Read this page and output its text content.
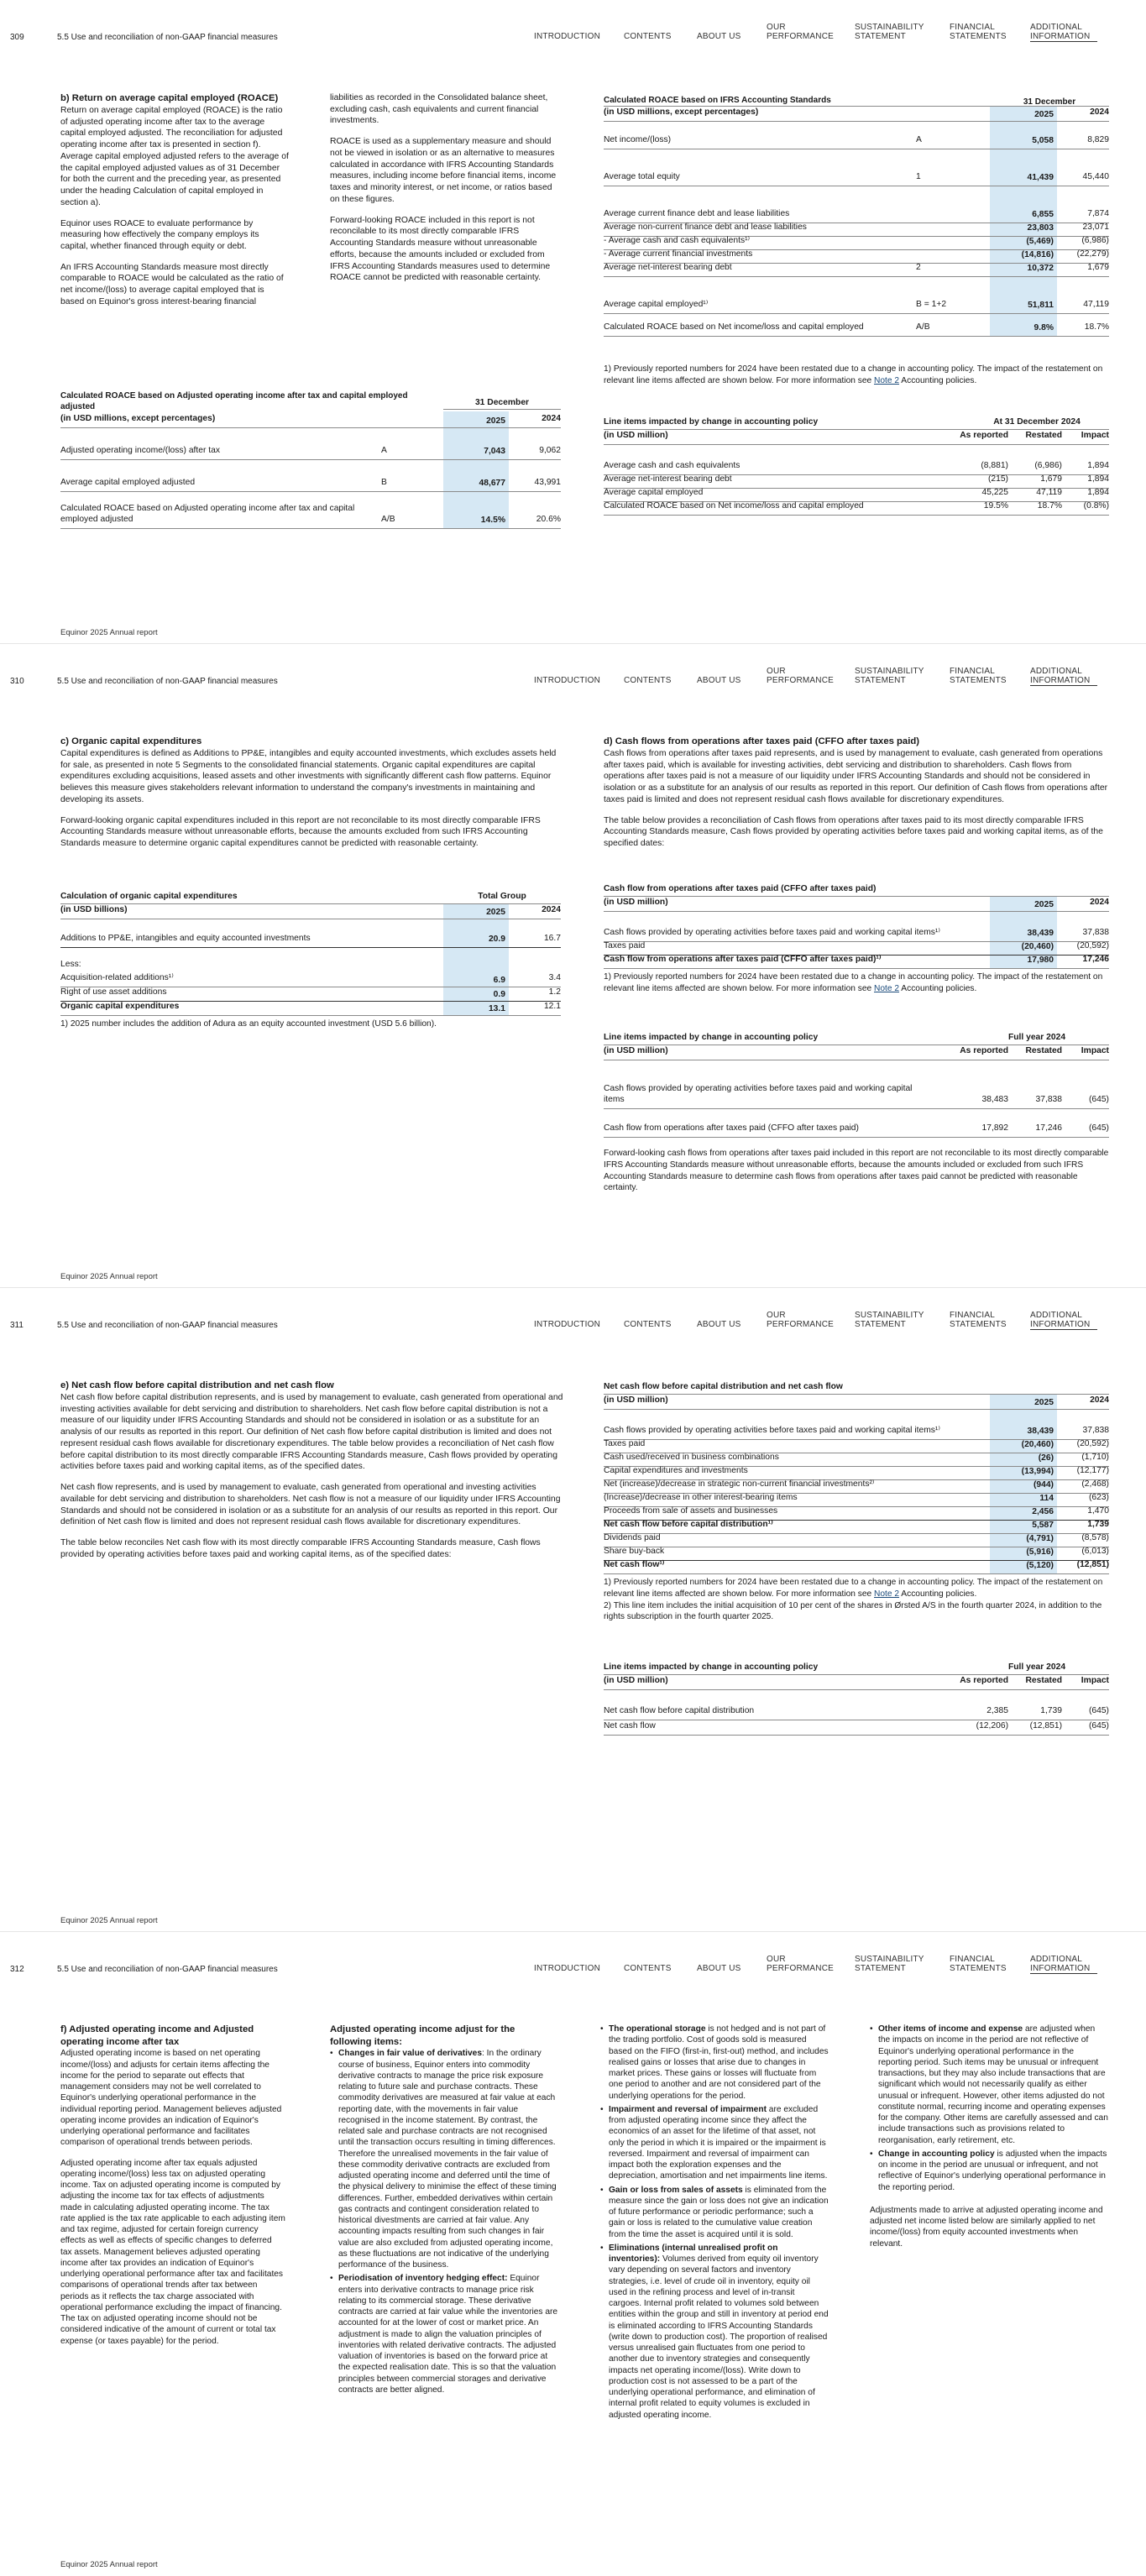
309	5.5 Use and reconciliation of non-GAAP financial measures	INTRODUCTION	CONTENTS	ABOUT US
OUR PERFORMANCE
SUSTAINABILITY STATEMENT
FINANCIAL STATEMENTS
ADDITIONAL INFORMATION
b) Return on average capital employed (ROACE)

Return on average capital employed (ROACE) is the ratio of adjusted operating income after tax to the average capital employed adjusted. The reconciliation for adjusted operating income after tax is presented in section f). Average capital employed adjusted refers to the average of the capital employed adjusted values as of 31 December for both the current and the preceding year, as presented under the heading Calculation of capital employed in section a).

Equinor uses ROACE to evaluate performance by measuring how effectively the company employs its capital, whether financed through equity or debt.

An IFRS Accounting Standards measure most directly comparable to ROACE would be calculated as the ratio of net income/(loss) to average capital employed that is based on Equinor's gross interest-bearing financial

liabilities as recorded in the Consolidated balance sheet, excluding cash, cash equivalents and current financial investments.

ROACE is used as a supplementary measure and should not be viewed in isolation or as an alternative to measures calculated in accordance with IFRS Accounting Standards measures, including income before financial items, income taxes and minority interest, or net income, or ratios based on these figures.

Forward-looking ROACE included in this report is not reconcilable to its most directly comparable IFRS Accounting Standards measure without unreasonable efforts, because the amounts included or excluded from IFRS Accounting Standards measures used to determine ROACE cannot be predicted with reasonable certainty.

Calculated ROACE based on Adjusted operating income after tax and capital employed adjusted	31 December
(in USD millions, except percentages)	2025	2024
Adjusted operating income/(loss) after tax	A	7,043	9,062
Average capital employed adjusted	B	48,677	43,991
Calculated ROACE based on Adjusted operating income after tax and capital employed adjusted	A/B	14.5%	20.6%
Calculated ROACE based on IFRS Accounting Standards	31 December
(in USD millions, except percentages)	2025	2024
Net income/(loss)	A	5,058	8,829
Average total equity	1	41,439	45,440
Average current finance debt and lease liabilities	6,855	7,874
Average non-current finance debt and lease liabilities	23,803	23,071
- Average cash and cash equivalents¹⁾	(5,469)	(6,986)
- Average current financial investments	(14,816)	(22,279)
Average net-interest bearing debt	2	10,372	1,679
Average capital employed¹⁾	B = 1+2	51,811	47,119
Calculated ROACE based on Net income/loss and capital employed	A/B	9.8%	18.7%

1) Previously reported numbers for 2024 have been restated due to a change in accounting policy. The impact of the restatement on relevant line items affected are shown below. For more information see Note 2 Accounting policies.

Line items impacted by change in accounting policy	At 31 December 2024
(in USD million)	As reported	Restated	Impact
Average cash and cash equivalents	(8,881)	(6,986)	1,894
Average net-interest bearing debt	(215)	1,679	1,894
Average capital employed	45,225	47,119	1,894
Calculated ROACE based on Net income/loss and capital employed	19.5%	18.7%	(0.8%)
Equinor 2025 Annual report
310	5.5 Use and reconciliation of non-GAAP financial measures	INTRODUCTION	CONTENTS	ABOUT US
OUR PERFORMANCE
SUSTAINABILITY STATEMENT
FINANCIAL STATEMENTS
ADDITIONAL INFORMATION
c) Organic capital expenditures

Capital expenditures is defined as Additions to PP&E, intangibles and equity accounted investments, which excludes assets held for sale, as presented in note 5 Segments to the consolidated financial statements. Organic capital expenditures are capital expenditures excluding acquisitions, leased assets and other investments with significantly different cash flow patterns. Equinor believes this measure gives stakeholders relevant information to understand the company's investments in maintaining and developing its assets.

Forward-looking organic capital expenditures included in this report are not reconcilable to its most directly comparable IFRS Accounting Standards measure without unreasonable efforts, because the amounts excluded from such IFRS Accounting Standards measure to determine organic capital expenditures cannot be predicted with reasonable certainty.

Calculation of organic capital expenditures	Total Group
(in USD billions)	2025	2024
Additions to PP&E, intangibles and equity accounted investments	20.9	16.7
Less:
Acquisition-related additions¹⁾	6.9	3.4
Right of use asset additions	0.9	1.2
Organic capital expenditures	13.1	12.1

1) 2025 number includes the addition of Adura as an equity accounted investment (USD 5.6 billion).

d) Cash flows from operations after taxes paid (CFFO after taxes paid)

Cash flows from operations after taxes paid represents, and is used by management to evaluate, cash generated from operations after taxes paid, which is available for investing activities, debt servicing and distribution to shareholders. Cash flows from operations after taxes paid is not a measure of our liquidity under IFRS Accounting Standards and should not be considered in isolation or as a substitute for an analysis of our results as reported in this report. Our definition of Cash flows from operations after taxes paid is limited and does not represent residual cash flows available for discretionary expenditures.

The table below provides a reconciliation of Cash flows from operations after taxes paid to its most directly comparable IFRS Accounting Standards measure, Cash flows provided by operating activities before taxes paid and working capital items, as of the specified dates:

Cash flow from operations after taxes paid (CFFO after taxes paid)
(in USD million)	2025	2024
Cash flows provided by operating activities before taxes paid and working capital items¹⁾	38,439	37,838
Taxes paid	(20,460)	(20,592)
Cash flow from operations after taxes paid (CFFO after taxes paid)¹⁾	17,980	17,246

1) Previously reported numbers for 2024 have been restated due to a change in accounting policy. The impact of the restatement on relevant line items affected are shown below. For more information see Note 2 Accounting policies.

Line items impacted by change in accounting policy	Full year 2024
(in USD million)	As reported	Restated	Impact
Cash flows provided by operating activities before taxes paid and working capital items	38,483	37,838	(645)
Cash flow from operations after taxes paid (CFFO after taxes paid)	17,892	17,246	(645)

Forward-looking cash flows from operations after taxes paid included in this report are not reconcilable to its most directly comparable IFRS Accounting Standards measure without unreasonable efforts, because the amounts included or excluded from such IFRS Accounting Standards measure to determine cash flows from operations after taxes paid cannot be predicted with reasonable certainty.

Equinor 2025 Annual report
311	5.5 Use and reconciliation of non-GAAP financial measures	INTRODUCTION	CONTENTS	ABOUT US
OUR PERFORMANCE
SUSTAINABILITY STATEMENT
FINANCIAL STATEMENTS
ADDITIONAL INFORMATION
e) Net cash flow before capital distribution and net cash flow

Net cash flow before capital distribution represents, and is used by management to evaluate, cash generated from operational and investing activities available for debt servicing and distribution to shareholders. Net cash flow before capital distribution is not a measure of our liquidity under IFRS Accounting Standards and should not be considered in isolation or as a substitute for an analysis of our results as reported in this report. Our definition of Net cash flow before capital distribution is limited and does not represent residual cash flows available for discretionary expenditures. The table below provides a reconciliation of Net cash flow before capital distribution to its most directly comparable IFRS Accounting Standards measure, Cash flows provided by operating activities before taxes paid and working capital items, as of the specified dates.

Net cash flow represents, and is used by management to evaluate, cash generated from operational and investing activities available for debt servicing and distribution to shareholders. Net cash flow is not a measure of our liquidity under IFRS Accounting Standards and should not be considered in isolation or as a substitute for an analysis of our results as reported in this report. Our definition of Net cash flow is limited and does not represent residual cash flows available for discretionary expenditures.

The table below reconciles Net cash flow with its most directly comparable IFRS Accounting Standards measure, Cash flows provided by operating activities before taxes paid and working capital items, as of the specified dates:

Net cash flow before capital distribution and net cash flow
(in USD million)	2025	2024
Cash flows provided by operating activities before taxes paid and working capital items¹⁾	38,439	37,838
Taxes paid	(20,460)	(20,592)
Cash used/received in business combinations	(26)	(1,710)
Capital expenditures and investments	(13,994)	(12,177)
Net (increase)/decrease in strategic non-current financial investments²⁾	(944)	(2,468)
(Increase)/decrease in other interest-bearing items	114	(623)
Proceeds from sale of assets and businesses	2,456	1,470
Net cash flow before capital distribution¹⁾	5,587	1,739
Dividends paid	(4,791)	(8,578)
Share buy-back	(5,916)	(6,013)
Net cash flow¹⁾	(5,120)	(12,851)

1) Previously reported numbers for 2024 have been restated due to a change in accounting policy. The impact of the restatement on relevant line items affected are shown below. For more information see Note 2 Accounting policies.

2) This line item includes the initial acquisition of 10 per cent of the shares in Ørsted A/S in the fourth quarter 2024, in addition to the rights subscription in the fourth quarter 2025.

Line items impacted by change in accounting policy	Full year 2024
(in USD million)	As reported	Restated	Impact
Net cash flow before capital distribution	2,385	1,739	(645)
Net cash flow	(12,206)	(12,851)	(645)
Equinor 2025 Annual report
312	5.5 Use and reconciliation of non-GAAP financial measures	INTRODUCTION	CONTENTS	ABOUT US
OUR PERFORMANCE
SUSTAINABILITY STATEMENT
FINANCIAL STATEMENTS
ADDITIONAL INFORMATION
f) Adjusted operating income and Adjusted operating income after tax

Adjusted operating income is based on net operating income/(loss) and adjusts for certain items affecting the income for the period to separate out effects that management considers may not be well correlated to Equinor's underlying operational performance in the individual reporting period. Management believes adjusted operating income provides an indication of Equinor's underlying operational performance and facilitates comparison of operational trends between periods.

Adjusted operating income after tax equals adjusted operating income/(loss) less tax on adjusted operating income. Tax on adjusted operating income is computed by adjusting the income tax for tax effects of adjustments made in calculating adjusted operating income. The tax rate applied is the tax rate applicable to each adjusting item and tax regime, adjusted for certain foreign currency effects as well as effects of specific changes to deferred tax assets. Management believes adjusted operating income after tax provides an indication of Equinor's underlying operational performance after tax and facilitates comparisons of operational trends after tax between periods as it reflects the tax charge associated with operational performance excluding the impact of financing. The tax on adjusted operating income should not be considered indicative of the amount of current or total tax expense (or taxes payable) for the period.

Adjusted operating income adjust for the following items:
• Changes in fair value of derivatives: In the ordinary course of business, Equinor enters into commodity derivative contracts to manage the price risk exposure relating to future sale and purchase contracts. These commodity derivatives are measured at fair value at each reporting date, with the movements in fair value recognised in the income statement. By contrast, the related sale and purchase contracts are not recognised until the transaction occurs resulting in timing differences. Therefore the unrealised movements in the fair value of these commodity derivative contracts are excluded from adjusted operating income and deferred until the time of the physical delivery to minimise the effect of these timing differences. Further, embedded derivatives within certain gas contracts and contingent consideration related to historical divestments are carried at fair value. Any accounting impacts resulting from such changes in fair value are also excluded from adjusted operating income, as these fluctuations are not indicative of the underlying performance of the business.
• Periodisation of inventory hedging effect: Equinor enters into derivative contracts to manage price risk relating to its commercial storage. These derivative contracts are carried at fair value while the inventories are accounted for at the lower of cost or market price. An adjustment is made to align the valuation principles of inventories with related derivative contracts. The adjusted valuation of inventories is based on the forward price at the expected realisation date. This is so that the valuation principles between commercial storages and derivative contracts are better aligned.
• The operational storage is not hedged and is not part of the trading portfolio. Cost of goods sold is measured based on the FIFO (first-in, first-out) method, and includes realised gains or losses that arise due to changes in market prices. These gains or losses will fluctuate from one period to another and are not considered part of the underlying operations for the period.
• Impairment and reversal of impairment are excluded from adjusted operating income since they affect the economics of an asset for the lifetime of that asset, not only the period in which it is impaired or the impairment is reversed. Impairment and reversal of impairment can impact both the exploration expenses and the depreciation, amortisation and net impairments line items.
• Gain or loss from sales of assets is eliminated from the measure since the gain or loss does not give an indication of future performance or periodic performance; such a gain or loss is related to the cumulative value creation from the time the asset is acquired until it is sold.
• Eliminations (internal unrealised profit on inventories): Volumes derived from equity oil inventory vary depending on several factors and inventory strategies, i.e. level of crude oil in inventory, equity oil used in the refining process and level of in-transit cargoes. Internal profit related to volumes sold between entities within the group and still in inventory at period end is eliminated according to IFRS Accounting Standards (write down to production cost). The proportion of realised versus unrealised gain fluctuates from one period to another due to inventory strategies and consequently impacts net operating income/(loss). Write down to production cost is not assessed to be a part of the underlying operational performance, and elimination of internal profit related to equity volumes is excluded in adjusted operating income.
• Other items of income and expense are adjusted when the impacts on income in the period are not reflective of Equinor's underlying operational performance in the reporting period. Such items may be unusual or infrequent transactions, but they may also include transactions that are significant which would not necessarily qualify as either unusual or infrequent. However, other items adjusted do not constitute normal, recurring income and operating expenses for the company. Other items are carefully assessed and can include transactions such as provisions related to reorganisation, early retirement, etc.
• Change in accounting policy is adjusted when the impacts on income in the period are unusual or infrequent, and not reflective of Equinor's underlying operational performance in the reporting period.

Adjustments made to arrive at adjusted operating income and adjusted net income listed below are similarly applied to net income/(loss) from equity accounted investments when relevant.

Equinor 2025 Annual report
